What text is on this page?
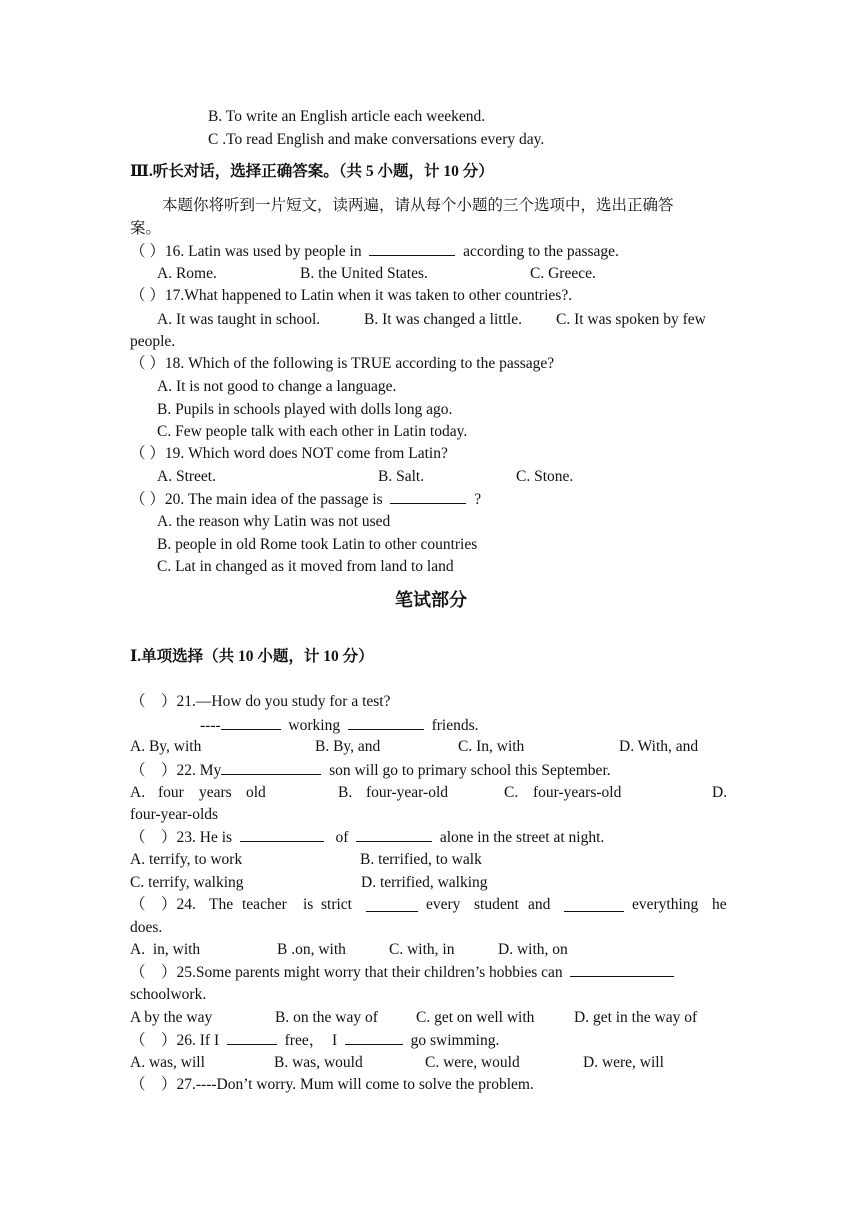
B. To write an English article each weekend.
C .To read English and make conversations every day.
Ⅲ.听长对话，选择正确答案。（共 5 小题，计 10 分）
本题你将听到一片短文，读两遍，请从每个小题的三个选项中，选出正确答
案。
（ ）16. Latin was used by people in	according to the passage.
A. Rome.	B. the United States.	C. Greece.
（ ）17.What happened to Latin when it was taken to other countries?.
A. It was taught in school.	B. It was changed a little. C. It was spoken by few
people.
（ ）18. Which of the following is TRUE according to the passage?
A. It is not good to change a language.
B. Pupils in schools played with dolls long ago.
C. Few people talk with each other in Latin today.
（ ）19. Which word does NOT come from Latin?
A. Street.	B. Salt.	C. Stone.
（ ）20. The main idea of the passage is	?
A. the reason why Latin was not used
B. people in old Rome took Latin to other countries
C. Lat in changed as it moved from land to land
笔试部分
Ⅰ.单项选择（共 10 小题，计 10 分）
（    ）21.—How do you study for a test?
----	working	friends.
A. By, with	B. By, and	C. In, with	D. With, and
（    ）22. My	son will go to primary school this September.
A. four years old	B. four-year-old	C. four-years-old	D.
four-year-olds
（    ）23. He is	of	alone in the street at night.
A. terrify, to work	B. terrified, to walk
C. terrify, walking	D. terrified, walking
（    ）24. The teacher is strict	every student and	everything he
does.
A.  in, with	B .on, with	C. with, in	D. with, on
（    ）25.Some parents might worry that their children’s hobbies can
schoolwork.
A by the way	B. on the way of C. get on well with	D. get in the way of
（    ）26. If I	free，  I	go swimming.
A. was, will	B. was, would	C. were, would	D. were, will
（    ）27.----Don’t worry. Mum will come to solve the problem.
